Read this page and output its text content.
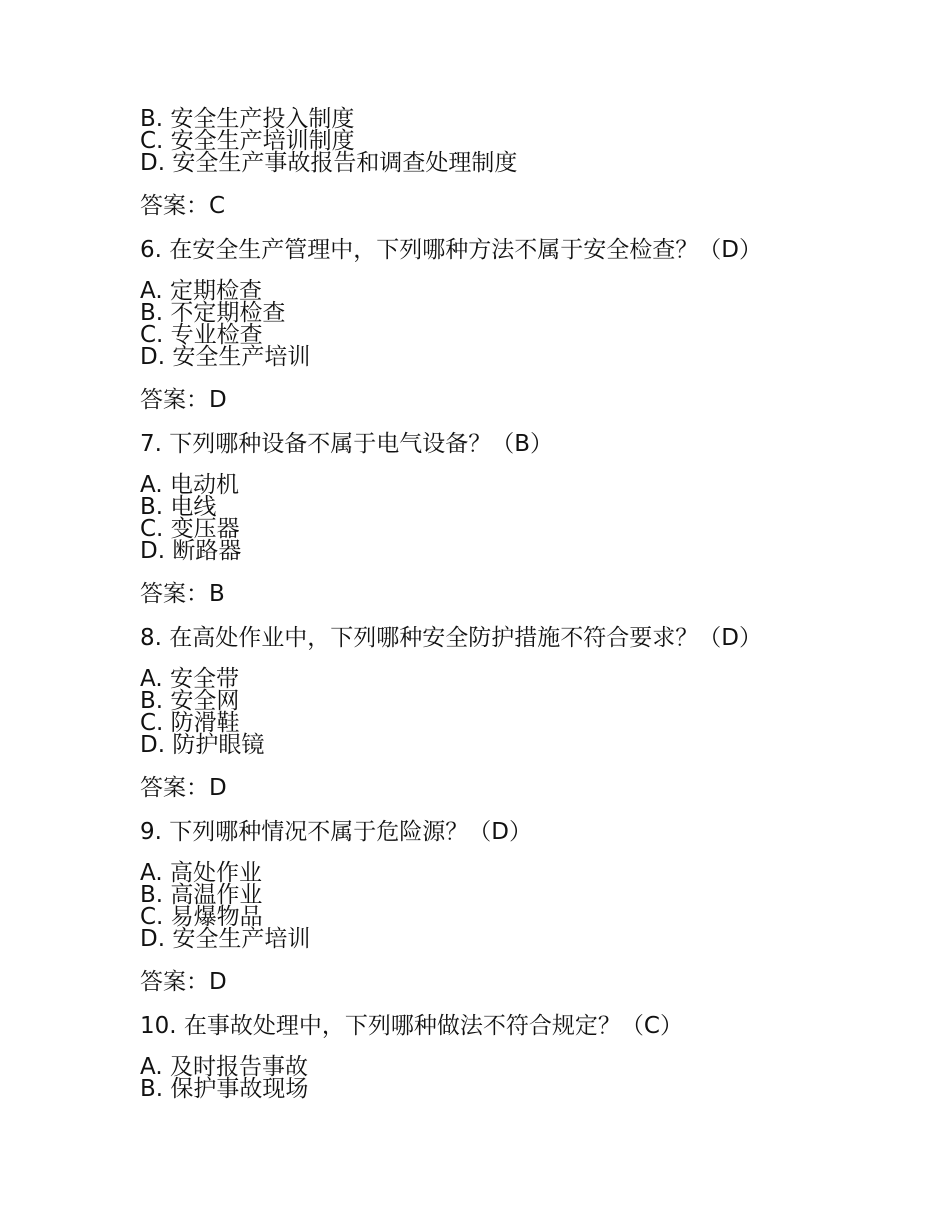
B. 安全生产投入制度
C. 安全生产培训制度
D. 安全生产事故报告和调查处理制度
答案：C
6. 在安全生产管理中，下列哪种方法不属于安全检查？（D）
A. 定期检查
B. 不定期检查
C. 专业检查
D. 安全生产培训
答案：D
7. 下列哪种设备不属于电气设备？（B）
A. 电动机
B. 电线
C. 变压器
D. 断路器
答案：B
8. 在高处作业中，下列哪种安全防护措施不符合要求？（D）
A. 安全带
B. 安全网
C. 防滑鞋
D. 防护眼镜
答案：D
9. 下列哪种情况不属于危险源？（D）
A. 高处作业
B. 高温作业
C. 易爆物品
D. 安全生产培训
答案：D
10. 在事故处理中，下列哪种做法不符合规定？（C）
A. 及时报告事故
B. 保护事故现场
